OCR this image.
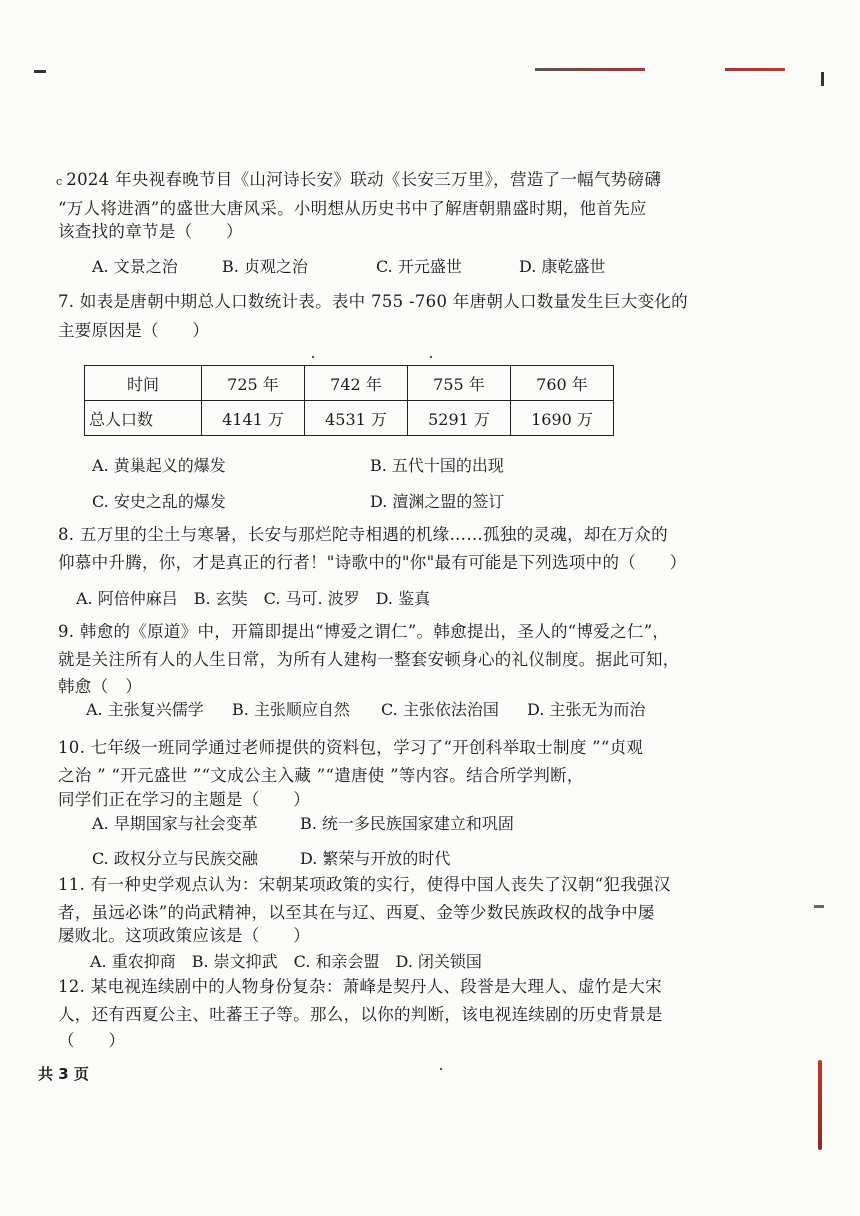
c 2024 年央视春晚节目《山河诗长安》联动《长安三万里》，营造了一幅气势磅礴
“万人将进酒”的盛世大唐风采。小明想从历史书中了解唐朝鼎盛时期，他首先应
该查找的章节是（　　）
A. 文景之治	B. 贞观之治	C. 开元盛世	D. 康乾盛世
7. 如表是唐朝中期总人口数统计表。表中 755 -760 年唐朝人口数量发生巨大变化的
主要原因是（　　）
时间	725 年	742 年	755 年	760 年
总人口数	4141 万	4531 万	5291 万	1690 万
A. 黄巢起义的爆发	B. 五代十国的出现
C. 安史之乱的爆发	D. 澶渊之盟的签订
8. 五万里的尘土与寒暑，长安与那烂陀寺相遇的机缘……孤独的灵魂，却在万众的
仰慕中升腾，你，才是真正的行者！"诗歌中的"你"最有可能是下列选项中的（　　）
A. 阿倍仲麻吕　B. 玄奘　C. 马可. 波罗　D. 鉴真
9. 韩愈的《原道》中，开篇即提出“博爱之谓仁”。韩愈提出，圣人的“博爱之仁”，
就是关注所有人的人生日常，为所有人建构一整套安顿身心的礼仪制度。据此可知，
韩愈（　）
A. 主张复兴儒学 B. 主张顺应自然 C. 主张依法治国 D. 主张无为而治
10. 七年级一班同学通过老师提供的资料包，学习了“开创科举取士制度 ”“贞观
之治 ” “开元盛世 ”“文成公主入藏 ”“遣唐使 ”等内容。结合所学判断，
同学们正在学习的主题是（　　）
A. 早期国家与社会变革	B. 统一多民族国家建立和巩固
C. 政权分立与民族交融	D. 繁荣与开放的时代
11. 有一种史学观点认为：宋朝某项政策的实行，使得中国人丧失了汉朝“犯我强汉
者，虽远必诛”的尚武精神，以至其在与辽、西夏、金等少数民族政权的战争中屡
屡败北。这项政策应该是（　　）
A. 重农抑商　B. 崇文抑武　C. 和亲会盟　D. 闭关锁国
12. 某电视连续剧中的人物身份复杂：萧峰是契丹人、段誉是大理人、虚竹是大宋
人，还有西夏公主、吐蕃王子等。那么，以你的判断，该电视连续剧的历史背景是
（　　）
共 3 页
